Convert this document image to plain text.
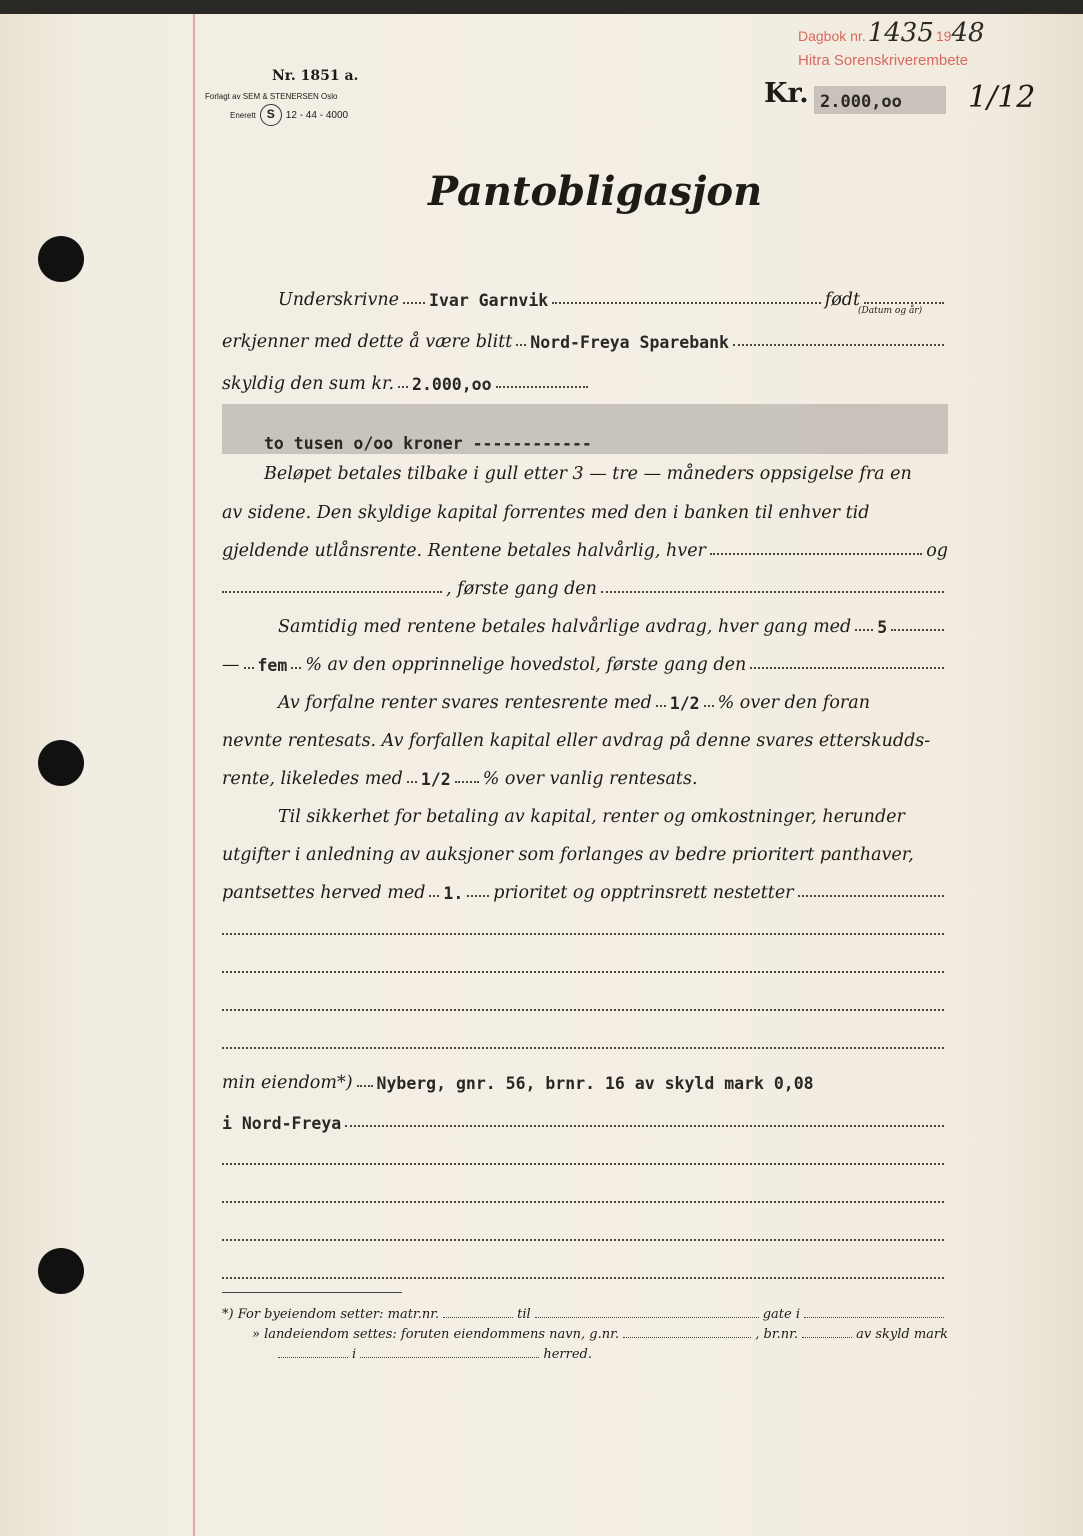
Nr. 1851 a.
Forlagt av SEM & STENERSEN Oslo
Enerett S	12 - 44 - 4000
Dagbok nr. 1435 19 48
Hitra Sorenskriverembete
Kr. 2.000,oo 1/12
Pantobligasjon
Underskrivne Ivar Garnvik	født
(Datum og år)
erkjenner med dette å være blitt Nord-Freya Sparebank
skyldig den sum kr. 2.000,oo
to tusen o/oo kroner ------------
Beløpet betales tilbake i gull etter 3 — tre — måneders oppsigelse fra en
av sidene. Den skyldige kapital forrentes med den i banken til enhver tid
gjeldende utlånsrente. Rentene betales halvårlig, hver	og
, første gang den
Samtidig med rentene betales halvårlige avdrag, hver gang med 5
— fem % av den opprinnelige hovedstol, første gang den
Av forfalne renter svares rentesrente med 1/2 % over den foran
nevnte rentesats. Av forfallen kapital eller avdrag på denne svares etterskudds-
rente, likeledes med 1/2 % over vanlig rentesats.
Til sikkerhet for betaling av kapital, renter og omkostninger, herunder
utgifter i anledning av auksjoner som forlanges av bedre prioritert panthaver,
pantsettes herved med 1. prioritet og opptrinsrett nestetter
min eiendom*) Nyberg, gnr. 56, brnr. 16 av skyld mark 0,08
i Nord-Freya
*) For byeiendom setter: matr.nr.	til	gate i
» landeiendom settes: foruten eiendommens navn, g.nr.	, br.nr.	av skyld mark
i	herred.
